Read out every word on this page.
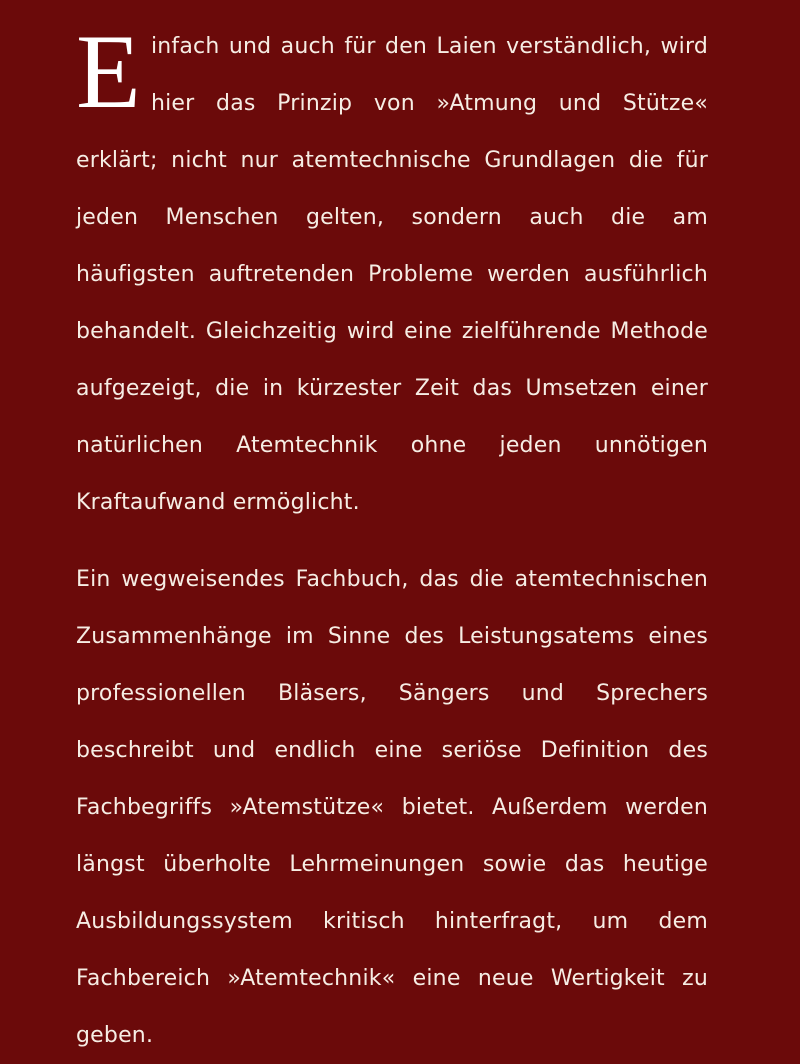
Einfach und auch für den Laien verständlich, wird hier das Prinzip von »Atmung und Stütze« erklärt; nicht nur atemtechnische Grundlagen die für jeden Menschen gelten, sondern auch die am häufigsten auftretenden Probleme werden ausführlich behandelt. Gleichzeitig wird eine zielführende Methode aufgezeigt, die in kürzester Zeit das Umsetzen einer natürlichen Atemtechnik ohne jeden unnötigen Kraftaufwand ermöglicht.

Ein wegweisendes Fachbuch, das die atemtechnischen Zusammenhänge im Sinne des Leistungsatems eines professionellen Bläsers, Sängers und Sprechers beschreibt und endlich eine seriöse Definition des Fachbegriffs »Atemstütze« bietet. Außerdem werden längst überholte Lehrmeinungen sowie das heutige Ausbildungssystem kritisch hinterfragt, um dem Fachbereich »Atemtechnik« eine neue Wertigkeit zu geben.
